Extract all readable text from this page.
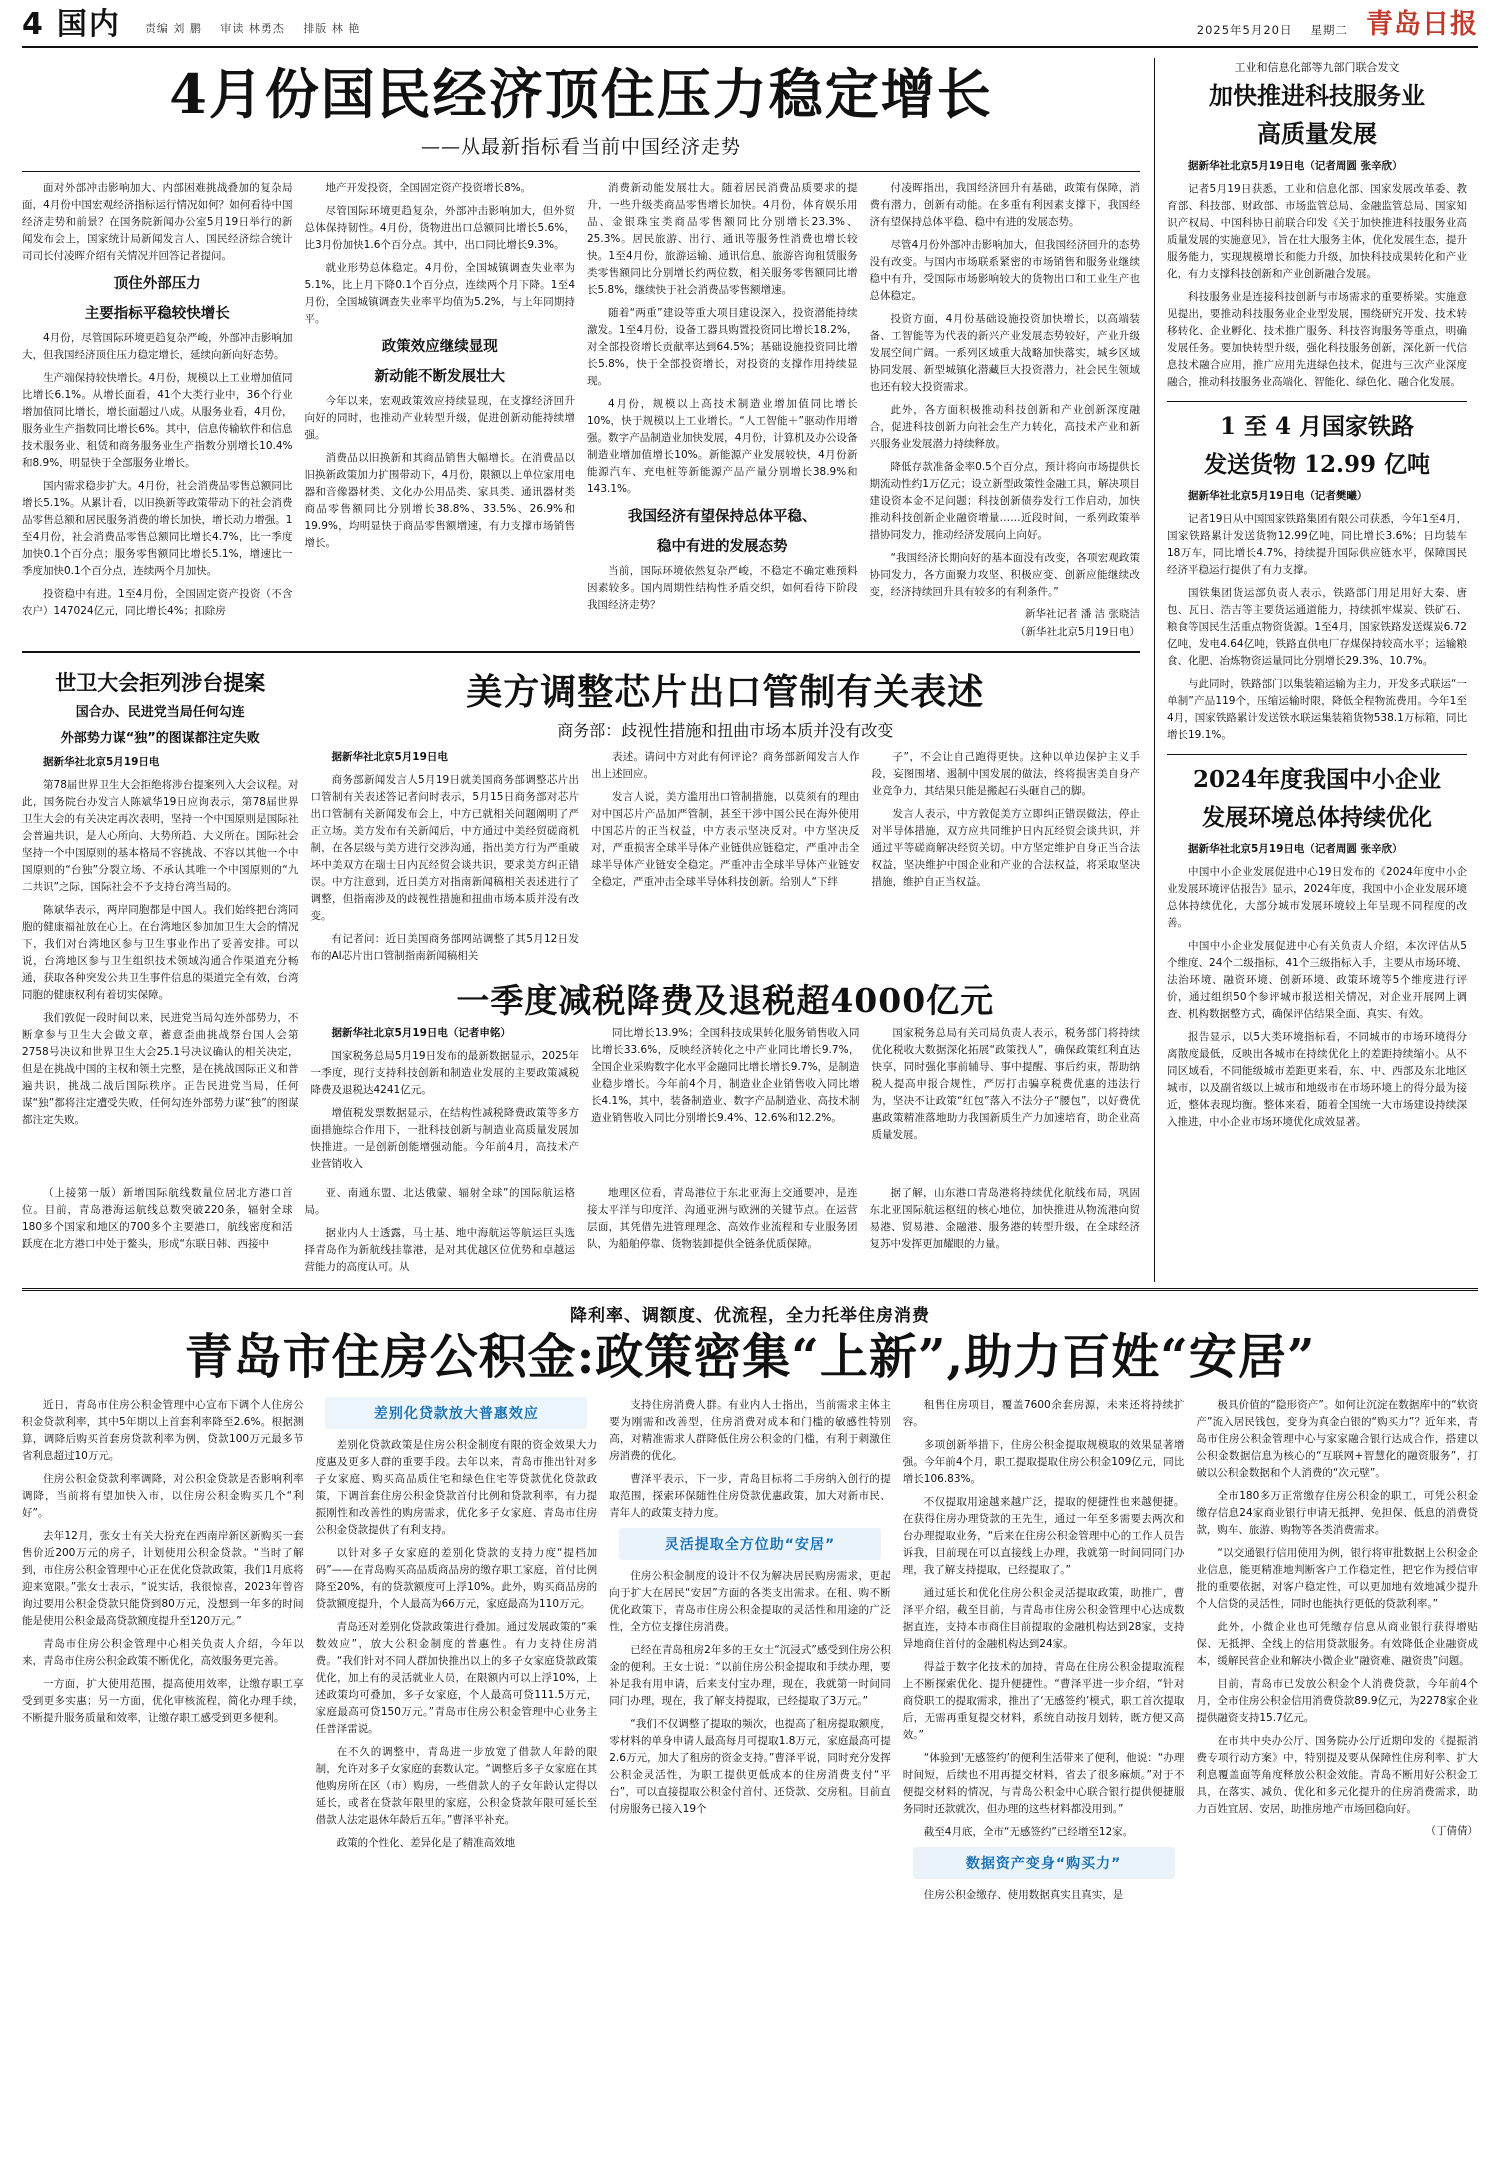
4 国内 责编 刘 鹏 审读 林勇杰 排版 林 艳	2025年5月20日 星期二 青岛日报
4月份国民经济顶住压力稳定增长
——从最新指标看当前中国经济走势

面对外部冲击影响加大、内部困难挑战叠加的复杂局面，4月份中国宏观经济指标运行情况如何？如何看待中国经济走势和前景？在国务院新闻办公室5月19日举行的新闻发布会上，国家统计局新闻发言人、国民经济综合统计司司长付凌晖介绍有关情况并回答记者提问。

顶住外部压力
主要指标平稳较快增长

4月份，尽管国际环境更趋复杂严峻，外部冲击影响加大，但我国经济顶住压力稳定增长，延续向新向好态势。

生产端保持较快增长。4月份，规模以上工业增加值同比增长6.1%。从增长面看，41个大类行业中，36个行业增加值同比增长，增长面超过八成。从服务业看，4月份，服务业生产指数同比增长6%。其中，信息传输软件和信息技术服务业、租赁和商务服务业生产指数分别增长10.4%和8.9%，明显快于全部服务业增长。

国内需求稳步扩大。4月份，社会消费品零售总额同比增长5.1%。从累计看，以旧换新等政策带动下的社会消费品零售总额和居民服务消费的增长加快，增长动力增强。1至4月份，社会消费品零售总额同比增长4.7%，比一季度加快0.1个百分点；服务零售额同比增长5.1%，增速比一季度加快0.1个百分点，连续两个月加快。

投资稳中有进。1至4月份，全国固定资产投资（不含农户）147024亿元，同比增长4%；扣除房

地产开发投资，全国固定资产投资增长8%。

尽管国际环境更趋复杂，外部冲击影响加大，但外贸总体保持韧性。4月份，货物进出口总额同比增长5.6%，比3月份加快1.6个百分点。其中，出口同比增长9.3%。

就业形势总体稳定。4月份，全国城镇调查失业率为5.1%，比上月下降0.1个百分点，连续两个月下降。1至4月份，全国城镇调查失业率平均值为5.2%，与上年同期持平。

政策效应继续显现
新动能不断发展壮大

今年以来，宏观政策效应持续显现，在支撑经济回升向好的同时，也推动产业转型升级，促进创新动能持续增强。

消费品以旧换新和其商品销售大幅增长。在消费品以旧换新政策加力扩围带动下，4月份，限额以上单位家用电器和音像器材类、文化办公用品类、家具类、通讯器材类商品零售额同比分别增长38.8%、33.5%、26.9%和19.9%，均明显快于商品零售额增速，有力支撑市场销售增长。

消费新动能发展壮大。随着居民消费品质要求的提升，一些升级类商品零售增长加快。4月份，体育娱乐用品、金银珠宝类商品零售额同比分别增长23.3%、25.3%。居民旅游、出行、通讯等服务性消费也增长较快。1至4月份，旅游运输、通讯信息、旅游咨询租赁服务类零售额同比分别增长约两位数，相关服务零售额同比增长5.8%，继续快于社会消费品零售额增速。

随着“两重”建设等重大项目建设深入，投资潜能持续激发。1至4月份，设备工器具购置投资同比增长18.2%，对全部投资增长贡献率达到64.5%；基础设施投资同比增长5.8%，快于全部投资增长，对投资的支撑作用持续显现。

4月份，规模以上高技术制造业增加值同比增长10%，快于规模以上工业增长。“人工智能＋”驱动作用增强。数字产品制造业加快发展，4月份，计算机及办公设备制造业增加值增长10%。新能源产业发展较快，4月份新能源汽车、充电桩等新能源产品产量分别增长38.9%和143.1%。

我国经济有望保持总体平稳、
稳中有进的发展态势

当前，国际环境依然复杂严峻，不稳定不确定难预料因素较多。国内周期性结构性矛盾交织，如何看待下阶段我国经济走势？

付凌晖指出，我国经济回升有基础，政策有保障，消费有潜力，创新有动能。在多重有利因素支撑下，我国经济有望保持总体平稳、稳中有进的发展态势。

尽管4月份外部冲击影响加大，但我国经济回升的态势没有改变。与国内市场联系紧密的市场销售和服务业继续稳中有升，受国际市场影响较大的货物出口和工业生产也总体稳定。

投资方面，4月份基础设施投资加快增长，以高端装备、工智能等为代表的新兴产业发展态势较好，产业升级发展空间广阔。一系列区域重大战略加快落实，城乡区域协同发展、新型城镇化潜藏巨大投资潜力，社会民生领域也还有较大投资需求。

此外，各方面积极推动科技创新和产业创新深度融合，促进科技创新力向社会生产力转化，高技术产业和新兴服务业发展潜力持续释放。

降低存款准备金率0.5个百分点，预计将向市场提供长期流动性约1万亿元；设立新型政策性金融工具，解决项目建设资本金不足问题；科技创新债券发行工作启动，加快推动科技创新企业融资增量……近段时间，一系列政策举措协同发力，推动经济发展向上向好。

“我国经济长期向好的基本面没有改变，各项宏观政策协同发力，各方面聚力攻坚、积极应变、创新应能继续改变，经济持续回升具有较多的有利条件。”

新华社记者 潘 洁 张晓洁

（新华社北京5月19日电）

世卫大会拒列涉台提案
国合办、民进党当局任何勾连
外部势力谋“独”的图谋都注定失败

据新华社北京5月19日电

第78届世界卫生大会拒绝将涉台提案列入大会议程。对此，国务院台办发言人陈斌华19日应询表示，第78届世界卫生大会的有关决定再次表明，坚持一个中国原则是国际社会普遍共识，是人心所向、大势所趋、大义所在。国际社会坚持一个中国原则的基本格局不容挑战、不容以其他一个中国原则的“台独”分裂立场、不承认其唯一个中国原则的“九二共识”之际，国际社会不予支持台湾当局的。

陈斌华表示，两岸同胞都是中国人。我们始终把台湾同胞的健康福祉放在心上。在台湾地区参加加卫生大会的情况下，我们对台湾地区参与卫生事业作出了妥善安排。可以说，台湾地区参与卫生组织技术领域沟通合作渠道充分畅通，获取各种突发公共卫生事件信息的渠道完全有效，台湾同胞的健康权利有着切实保障。

我们敦促一段时间以来，民进党当局勾连外部势力，不断拿参与卫生大会做文章，蓄意歪曲挑战祭台国人会第2758号决议和世界卫生大会25.1号决议确认的相关决定，但是在挑战中国的主权和领土完整，是在挑战国际正义和普遍共识，挑战二战后国际秩序。正告民进党当局，任何谋“独”都将注定遭受失败，任何勾连外部势力谋“独”的图谋都注定失败。

美方调整芯片出口管制有关表述
商务部：歧视性措施和扭曲市场本质并没有改变

据新华社北京5月19日电

商务部新闻发言人5月19日就美国商务部调整芯片出口管制有关表述答记者问时表示，5月15日商务部对芯片出口管制有关新闻发布会上，中方已就相关问题阐明了严正立场。美方发布有关新闻后，中方通过中美经贸磋商机制，在各层级与美方进行交涉沟通，指出美方行为严重破坏中美双方在瑞士日内瓦经贸会谈共识，要求美方纠正错误。中方注意到，近日美方对指南新闻稿相关表述进行了调整，但指南涉及的歧视性措施和扭曲市场本质并没有改变。

有记者问：近日美国商务部网站调整了其5月12日发布的AI芯片出口管制指南新闻稿相关

表述。请问中方对此有何评论？商务部新闻发言人作出上述回应。

发言人说，美方滥用出口管制措施，以莫须有的理由对中国芯片产品加严管制，甚至干涉中国公民在海外使用中国芯片的正当权益，中方表示坚决反对。中方坚决反对，严重损害全球半导体产业链供应链稳定，严重冲击全球半导体产业链安全稳定。严重冲击全球半导体产业链安全稳定，严重冲击全球半导体科技创新。给别人“下绊

子”，不会让自己跑得更快。这种以单边保护主义手段，妄图围堵、遏制中国发展的做法，终将损害美自身产业竞争力，其结果只能是搬起石头砸自己的脚。

发言人表示，中方敦促美方立即纠正错误做法，停止对半导体措施，双方应共同维护日内瓦经贸会谈共识，并通过平等磋商解决经贸关切。中方坚定维护自身正当合法权益，坚决维护中国企业和产业的合法权益，将采取坚决措施，维护自正当权益。

一季度减税降费及退税超4000亿元

据新华社北京5月19日电（记者申铭）

国家税务总局5月19日发布的最新数据显示，2025年一季度，现行支持科技创新和制造业发展的主要政策减税降费及退税达4241亿元。

增值税发票数据显示，在结构性减税降费政策等多方面措施综合作用下，一批科技创新与制造业高质量发展加快推进。一是创新创能增强动能。今年前4月，高技术产业营销收入

同比增长13.9%；全国科技成果转化服务销售收入同比增长33.6%，反映经济转化之中产业同比增长9.7%，全国企业采购数字化水平金融同比增长增长9.7%，是制造业稳步增长。今年前4个月，制造业企业销售收入同比增长4.1%，其中，装备制造业、数字产品制造业、高技术制造业销售收入同比分别增长9.4%、12.6%和12.2%。

国家税务总局有关司局负责人表示，税务部门将持续优化税收大数据深化拓展“政策找人”，确保政策红利直达快享，同时强化事前辅导、事中提醒、事后约束，帮助纳税人提高申报合规性，严厉打击骗享税费优惠的违法行为，坚决不让政策“红包”落入不法分子“腰包”，以好费优惠政策精准落地助力我国新质生产力加速培育，助企业高质量发展。

（上接第一版）新增国际航线数量位居北方港口首位。目前，青岛港海运航线总数突破220条，辐射全球180多个国家和地区的700多个主要港口，航线密度和活跃度在北方港口中处于鳌头，形成“东联日韩、西接中

亚、南通东盟、北达俄蒙、辐射全球”的国际航运格局。

据业内人士透露，马士基、地中海航运等航运巨头选择青岛作为新航线挂靠港，是对其优越区位优势和卓越运营能力的高度认可。从

地理区位看，青岛港位于东北亚海上交通要冲，是连接太平洋与印度洋、沟通亚洲与欧洲的关键节点。在运营层面，其凭借先进管理理念、高效作业流程和专业服务团队，为船舶停靠、货物装卸提供全链条优质保障。

据了解，山东港口青岛港将持续优化航线布局，巩固东北亚国际航运枢纽的核心地位，加快推进从物流港向贸易港、贸易港、金融港、服务港的转型升级，在全球经济复苏中发挥更加耀眼的力量。

工业和信息化部等九部门联合发文
加快推进科技服务业
高质量发展

据新华社北京5月19日电（记者周圆 张辛欣）

记者5月19日获悉，工业和信息化部、国家发展改革委、教育部、科技部、财政部、市场监管总局、金融监管总局、国家知识产权局、中国科协日前联合印发《关于加快推进科技服务业高质量发展的实施意见》，旨在壮大服务主体，优化发展生态，提升服务能力，实现规模增长和能力升级，加快科技成果转化和产业化，有力支撑科技创新和产业创新融合发展。

科技服务业是连接科技创新与市场需求的重要桥梁。实施意见提出，要推动科技服务业企业型发展，围绕研究开发、技术转移转化、企业孵化、技术推广服务、科技咨询服务等重点，明确发展任务。要加快转型升级，强化科技服务创新，深化新一代信息技术融合应用，推广应用先进绿色技术，促进与三次产业深度融合，推动科技服务业高端化、智能化、绿色化、融合化发展。

1 至 4 月国家铁路
发送货物 12.99 亿吨

据新华社北京5月19日电（记者樊曦）

记者19日从中国国家铁路集团有限公司获悉，今年1至4月，国家铁路累计发送货物12.99亿吨，同比增长3.6%；日均装车18万车，同比增长4.7%，持续提升国际供应链水平，保障国民经济平稳运行提供了有力支撑。

国铁集团货运部负责人表示，铁路部门用足用好大秦、唐包、瓦日、浩吉等主要货运通道能力，持续抓牢煤炭、铁矿石、粮食等国民生活重点物资货源。1至4月，国家铁路发送煤炭6.72亿吨，发电4.64亿吨，铁路直供电厂存煤保持较高水平；运输粮食、化肥、冶炼物资运量同比分别增长29.3%、10.7%。

与此同时，铁路部门以集装箱运输为主力，开发多式联运“一单制”产品119个，压缩运输时限，降低全程物流费用。今年1至4月，国家铁路累计发送铁水联运集装箱货物538.1万标箱，同比增长19.1%。

2024年度我国中小企业
发展环境总体持续优化

据新华社北京5月19日电（记者周圆 张辛欣）

中国中小企业发展促进中心19日发布的《2024年度中小企业发展环境评估报告》显示，2024年度，我国中小企业发展环境总体持续优化，大部分城市发展环境较上年呈现不同程度的改善。

中国中小企业发展促进中心有关负责人介绍，本次评估从5个维度、24个二级指标，41个三级指标入手，主要从市场环境、法治环境、融资环境、创新环境、政策环境等5个维度进行评价，通过组织50个参评城市报送相关情况，对企业开展网上调查、机构数据整方式，确保评估结果全面、真实、有效。

报告显示，以5大类环境指标看，不同城市的市场环境得分离散度最低，反映出各城市在持续优化上的差距持续缩小。从不同区域看，不同能级城市差距更来看，东、中、西部及东北地区城市，以及副省级以上城市和地级市在市场环境上的得分最为接近，整体表现均衡。整体来看，随着全国统一大市场建设持续深入推进，中小企业市场环境优化成效显著。

降利率、调额度、优流程，全力托举住房消费
青岛市住房公积金:政策密集“上新”,助力百姓“安居”

近日，青岛市住房公积金管理中心宣布下调个人住房公积金贷款利率，其中5年期以上首套利率降至2.6%。根据测算，调降后购买首套房贷款利率为例，贷款100万元最多节省利息超过10万元。

住房公积金贷款利率调降，对公积金贷款是否影响利率调降，当前将有望加快入市，以住房公积金购买几个“利好”。

去年12月，张女士有关大扮充在西南岸新区新购买一套售价近200万元的房子，计划使用公积金贷款。“当时了解到，市住房公积金管理中心正在优化贷款政策，我们1月底将迎来宽限。”张女士表示，“说实话，我很惊喜，2023年曾咨询过要用公积金贷款只能贷到80万元，没想到一年多的时间能是使用公积金最高贷款额度提升至120万元。”

青岛市住房公积金管理中心相关负责人介绍，今年以来，青岛市住房公积金政策不断优化，高效服务更完善。

一方面，扩大使用范围，提高使用效率，让缴存职工享受到更多实惠；另一方面，优化审核流程，简化办理手续，不断提升服务质量和效率，让缴存职工感受到更多便利。

差别化贷款放大普惠效应

差别化贷款政策是住房公积金制度有限的资金效果大力度惠及更多人群的重要手段。去年以来，青岛市推出针对多子女家庭、购买高品质住宅和绿色住宅等贷款优化贷款政策，下调首套住房公积金贷款首付比例和贷款利率，有力提振刚性和改善性的购房需求，优化多子女家庭、青岛市住房公积金贷款提供了有利支持。

以针对多子女家庭的差别化贷款的支持力度“提档加码”——在青岛购买高品质商品房的缴存职工家庭，首付比例降至20%，有的贷款额度可上浮10%。此外，购买商品房的贷款额度提升，个人最高为66万元，家庭最高为110万元。

青岛还对差别化贷款政策进行叠加。通过发展政策的“乘数效应”，放大公积金制度的普惠性。有力支持住房消费。“我们针对不同人群加快推出以上的多子女家庭贷款政策优化，加上有的灵活就业人员，在限额内可以上浮10%，上述政策均可叠加，多子女家庭，个人最高可贷111.5万元，家庭最高可贷150万元。”青岛市住房公积金管理中心业务主任普泽雷说。

在不久的调整中，青岛进一步放宽了借款人年龄的限制，允许对多子女家庭的套数认定。“调整后多子女家庭在其他购房所在区（市）购房，一些借款人的子女年龄认定得以延长，或者在贷款年限里的家庭，公积金贷款年限可延长至借款人法定退休年龄后五年。”曹泽平补充。

政策的个性化、差异化是了精准高效地

支持住房消费人群。有业内人士指出，当前需求主体主要为刚需和改善型，住房消费对成本和门槛的敏感性特别高，对精准需求人群降低住房公积金的门槛，有利于刺激住房消费的优化。

曹泽平表示，下一步，青岛目标将二手房纳入创行的提取范围，探索环保随性住房贷款优惠政策，加大对新市民、青年人的政策支持力度。

灵活提取全方位助“安居”

住房公积金制度的设计不仅为解决居民购房需求，更起向于扩大在居民“安居”方面的各类支出需求。在租、购不断优化政策下，青岛市住房公积金提取的灵活性和用途的广泛性，全方位支撑住房消费。

已经在青岛租房2年多的王女士“沉浸式”感受到住房公积金的便利。王女士说：“以前住房公积金提取和手续办理，要补足我有用申请，后来支付宝办理，现在，我就第一时间同同门办理，现在，我了解支持提取，已经提取了3万元。”

“我们不仅调整了提取的频次，也提高了租房提取额度，零材料的单身申请人最高每月可提取1.8万元，家庭最高可提2.6万元，加大了租房的资金支持。”曹泽平说，同时充分发挥公积金灵活性，为职工提供更低成本的住房消费支付“平台”，可以直接提取公积金付首付、还贷款、交房租。目前直付房服务已接入19个

租售住房项目，覆盖7600余套房源，未来还将持续扩容。

多项创新举措下，住房公积金提取规模取的效果显著增强。今年前4个月，职工提取提取住房公积金109亿元，同比增长106.83%。

不仅提取用途越来越广泛，提取的便捷性也来越便捷。在获得住房办理贷款的王先生，通过一年至多需要去两次和台办理提取业务，“后来在住房公积金管理中心的工作人员告诉我，目前现在可以直接线上办理，我就第一时间同同门办理，我了解支持提取，已经提取了。”

通过延长和优化住房公积金灵活提取政策，助推广，曹泽平介绍，截至目前，与青岛市住房公积金管理中心达成数据直连，支持本市商住目前提取的金融机构达到28家，支持异地商住首付的金融机构达到24家。

得益于数字化技术的加持，青岛在住房公积金提取流程上不断探索优化、提升便捷性。“曹泽平进一步介绍，“针对商贷职工的提取需求，推出了‘无感签约’模式，职工首次提取后，无需再重复提交材料，系统自动按月划转，既方便又高效。”

“体验到‘无感签约’的便利生活带来了便利，他说：“办理时间短，后续也不用再提交材料，省去了很多麻烦。”对于不便提交材料的情况，与青岛公积金中心联合银行提供便捷服务同时还款就次，但办理的这些材料都没用到。”

截至4月底，全市“无感签约”已经增至12家。

数据资产变身“购买力”

住房公积金缴存、使用数据真实且真实，是

极具价值的“隐形资产”。如何让沉淀在数据库中的“软资产”流入居民钱包，变身为真金白银的“购买力”？近年来，青岛市住房公积金管理中心与家家融合银行达成合作，搭建以公积金数据信息为核心的“互联网+智慧化的融资服务”，打破以公积金数据和个人消费的“次元壁”。

全市180多万正常缴存住房公积金的职工，可凭公积金缴存信息24家商业银行申请无抵押、免担保、低息的消费贷款，购车、旅游、购物等各类消费需求。

“以交通银行信用使用为例，银行将审批数据上公积金企业信息，能更精准地判断客户工作稳定性，把它作为授信审批的重要依据，对客户稳定性，可以更加地有效地减少提升个人信贷的灵活性，同时也能执行更低的贷款利率。”

此外，小微企业也可凭缴存信息从商业银行获得增贴保、无抵押、全线上的信用贷款服务。有效降低企业融资成本，缓解民营企业和解决小微企业“融资难、融资贵”问题。

目前，青岛市已发放公积金个人消费贷款，今年前4个月，全市住房公积金信用消费贷款89.9亿元，为2278家企业提供融资支持15.7亿元。

在市共中央办公厅、国务院办公厅近期印发的《提振消费专项行动方案》中，特别提及要从保障性住房利率、扩大利息覆盖面等角度释放公积金效能。青岛不断用好公积金工具，在落实、减负、优化和多元化提升的住房消费需求，助力百姓宜居、安居，助推房地产市场回稳向好。

（丁倩倩）
